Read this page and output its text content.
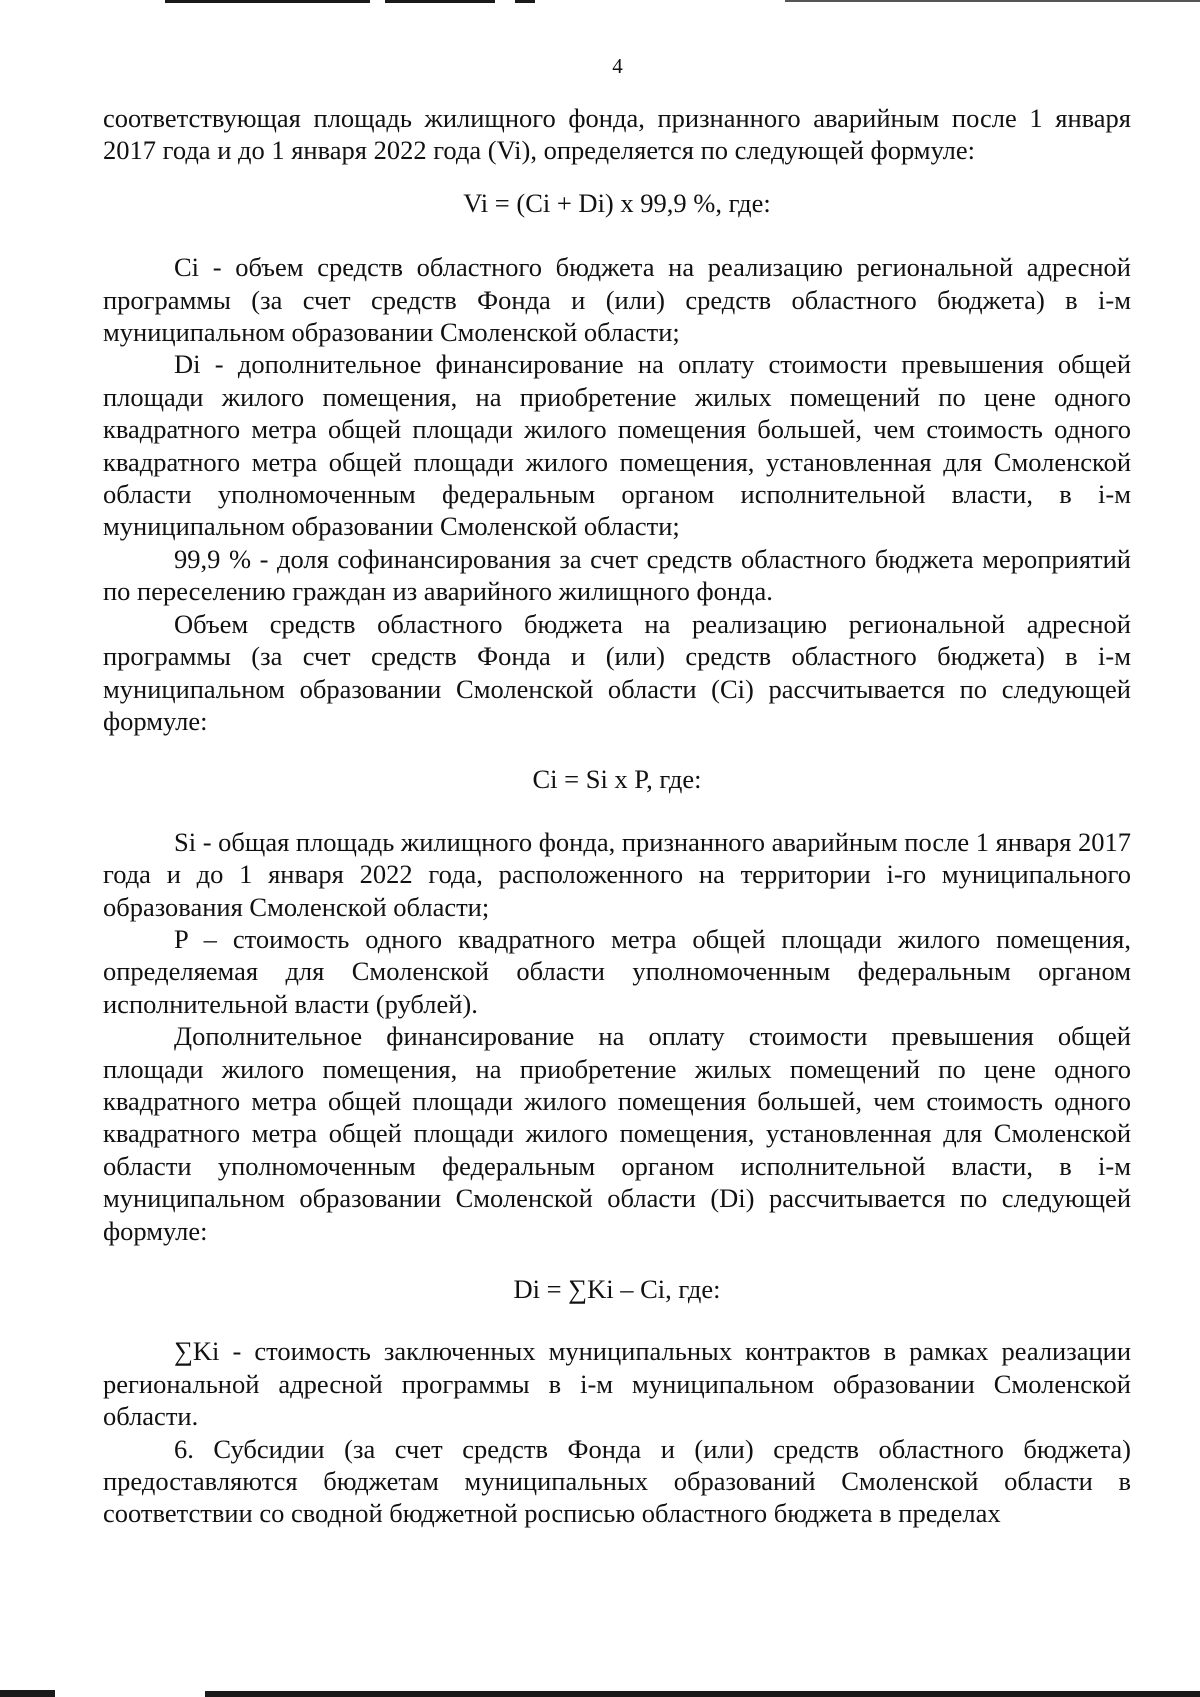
4

соответствующая площадь жилищного фонда, признанного аварийным после 1 января 2017 года и до 1 января 2022 года (Vi), определяется по следующей формуле:

Vi = (Ci + Di) х 99,9 %, где:

Ci - объем средств областного бюджета на реализацию региональной адресной программы (за счет средств Фонда и (или) средств областного бюджета) в i-м муниципальном образовании Смоленской области;

Di - дополнительное финансирование на оплату стоимости превышения общей площади жилого помещения, на приобретение жилых помещений по цене одного квадратного метра общей площади жилого помещения большей, чем стоимость одного квадратного метра общей площади жилого помещения, установленная для Смоленской области уполномоченным федеральным органом исполнительной власти, в i-м муниципальном образовании Смоленской области;

99,9 % - доля софинансирования за счет средств областного бюджета мероприятий по переселению граждан из аварийного жилищного фонда.

Объем средств областного бюджета на реализацию региональной адресной программы (за счет средств Фонда и (или) средств областного бюджета) в i-м муниципальном образовании Смоленской области (Ci) рассчитывается по следующей формуле:

Ci = Si х P, где:

Si - общая площадь жилищного фонда, признанного аварийным после 1 января 2017 года и до 1 января 2022 года, расположенного на территории i-го муниципального образования Смоленской области;

P – стоимость одного квадратного метра общей площади жилого помещения, определяемая для Смоленской области уполномоченным федеральным органом исполнительной власти (рублей).

Дополнительное финансирование на оплату стоимости превышения общей площади жилого помещения, на приобретение жилых помещений по цене одного квадратного метра общей площади жилого помещения большей, чем стоимость одного квадратного метра общей площади жилого помещения, установленная для Смоленской области уполномоченным федеральным органом исполнительной власти, в i-м муниципальном образовании Смоленской области (Di) рассчитывается по следующей формуле:

Di = ∑Ki – Ci, где:

∑Ki - стоимость заключенных муниципальных контрактов в рамках реализации региональной адресной программы в i-м муниципальном образовании Смоленской области.

6. Субсидии (за счет средств Фонда и (или) средств областного бюджета) предоставляются бюджетам муниципальных образований Смоленской области в соответствии со сводной бюджетной росписью областного бюджета в пределах
